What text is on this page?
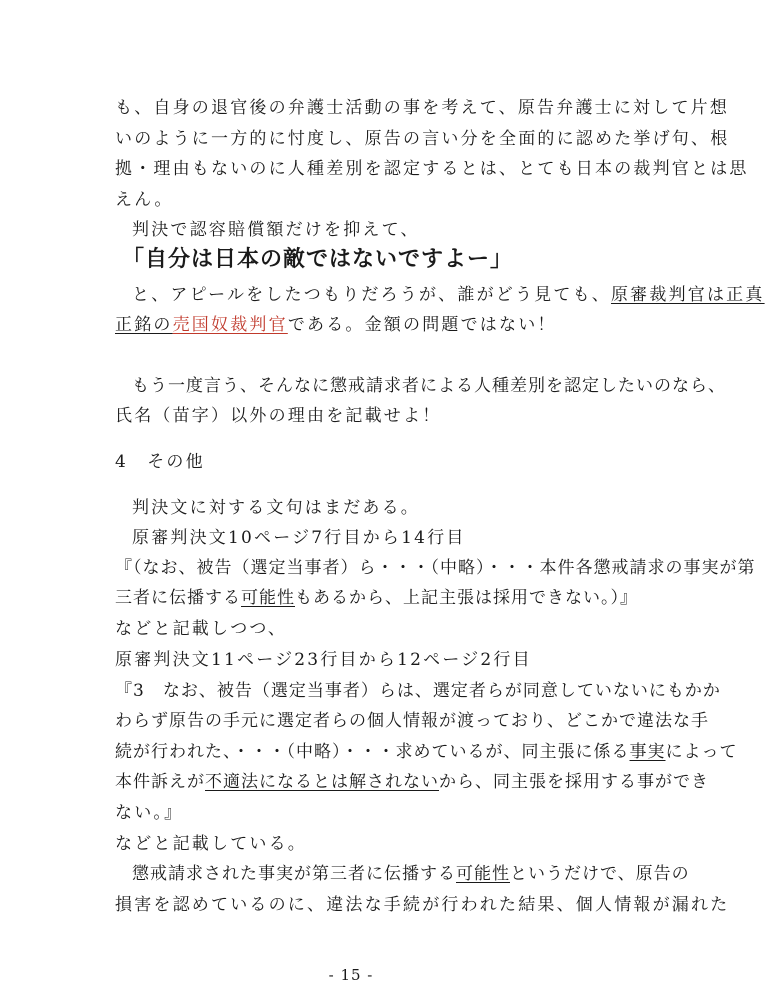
も、自身の退官後の弁護士活動の事を考えて、原告弁護士に対して片想
いのように一方的に忖度し、原告の言い分を全面的に認めた挙げ句、根
拠・理由もないのに人種差別を認定するとは、とても日本の裁判官とは思
えん。
判決で認容賠償額だけを抑えて、
「自分は日本の敵ではないですよー」
と、アピールをしたつもりだろうが、誰がどう見ても、原審裁判官は正真
正銘の売国奴裁判官である。金額の問題ではない！
もう一度言う、そんなに懲戒請求者による人種差別を認定したいのなら、
氏名（苗字）以外の理由を記載せよ！
4　その他
判決文に対する文句はまだある。
原審判決文10ページ7行目から14行目
『（なお、被告（選定当事者）ら・・・（中略）・・・本件各懲戒請求の事実が第
三者に伝播する可能性もあるから、上記主張は採用できない。）』
などと記載しつつ、
原審判決文11ページ23行目から12ページ2行目
『3　なお、被告（選定当事者）らは、選定者らが同意していないにもかか
わらず原告の手元に選定者らの個人情報が渡っており、どこかで違法な手
続が行われた、・・・（中略）・・・求めているが、同主張に係る事実によって
本件訴えが不適法になるとは解されないから、同主張を採用する事ができ
ない。』
などと記載している。
懲戒請求された事実が第三者に伝播する可能性というだけで、原告の
損害を認めているのに、違法な手続が行われた結果、個人情報が漏れた
- 15 -
